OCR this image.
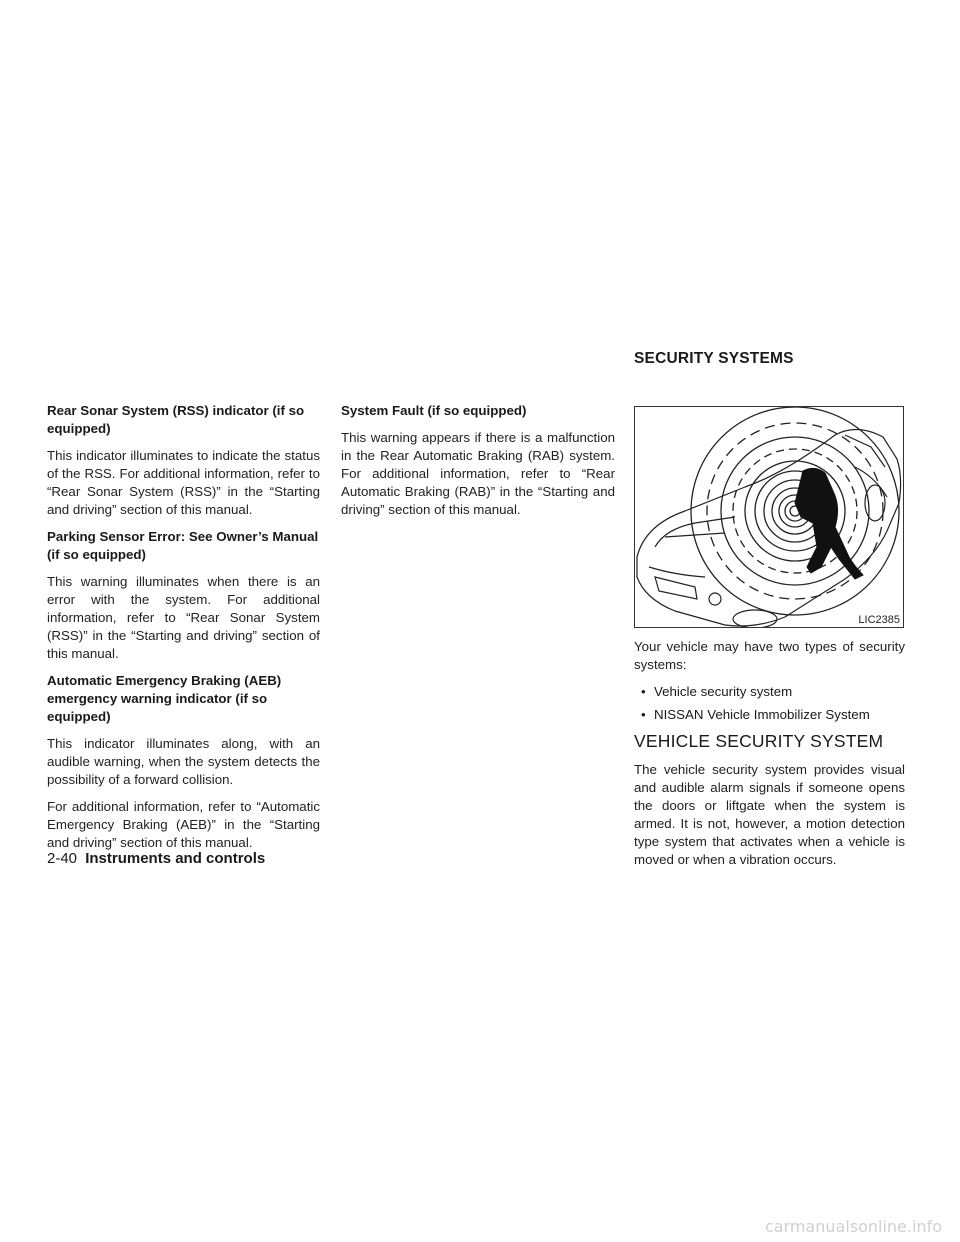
SECURITY SYSTEMS

Rear Sonar System (RSS) indicator (if so equipped)

This indicator illuminates to indicate the status of the RSS. For additional information, refer to “Rear Sonar System (RSS)” in the “Starting and driving” section of this manual.

Parking Sensor Error: See Owner’s Manual (if so equipped)

This warning illuminates when there is an error with the system. For additional information, refer to “Rear Sonar System (RSS)” in the “Starting and driving” section of this manual.

Automatic Emergency Braking (AEB) emergency warning indicator (if so equipped)

This indicator illuminates along, with an audible warning, when the system detects the possibility of a forward collision.

For additional information, refer to “Automatic Emergency Braking (AEB)” in the “Starting and driving” section of this manual.

System Fault (if so equipped)

This warning appears if there is a malfunction in the Rear Automatic Braking (RAB) system. For additional information, refer to “Rear Automatic Braking (RAB)” in the “Starting and driving” section of this manual.

LIC2385

Your vehicle may have two types of security systems:

• Vehicle security system
• NISSAN Vehicle Immobilizer System
VEHICLE SECURITY SYSTEM

The vehicle security system provides visual and audible alarm signals if someone opens the doors or liftgate when the system is armed. It is not, however, a motion detection type system that activates when a vehicle is moved or when a vibration occurs.

2-40 Instruments and controls
carmanualsonline.info
